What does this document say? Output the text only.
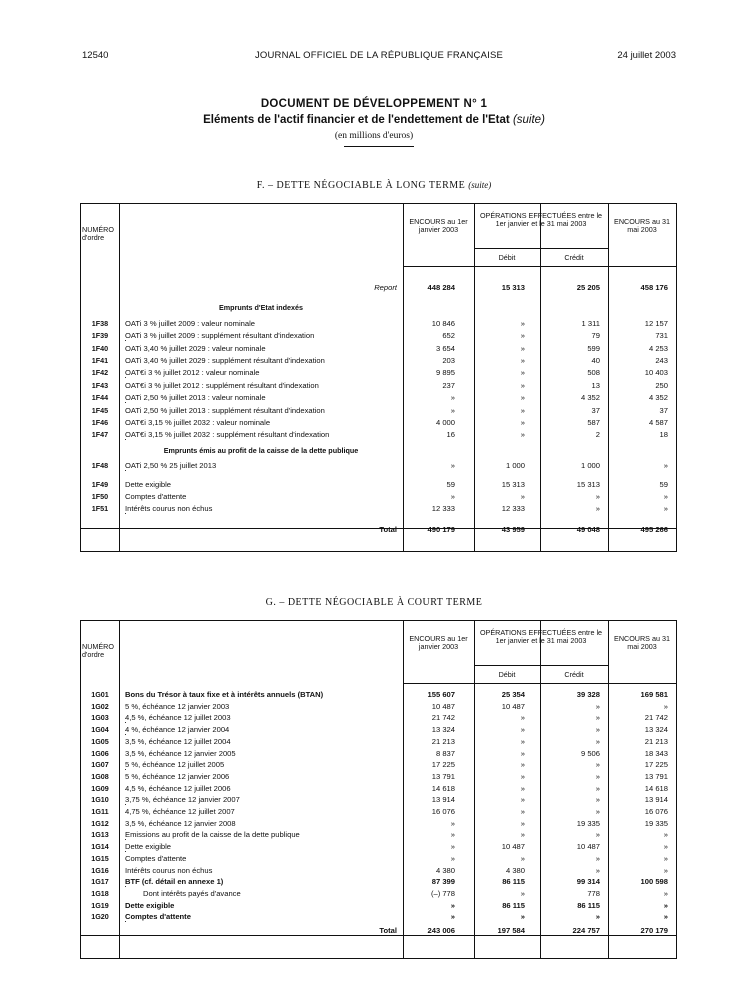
12540	JOURNAL OFFICIEL DE LA RÉPUBLIQUE FRANÇAISE	24 juillet 2003
DOCUMENT DE DÉVELOPPEMENT N° 1
Eléments de l'actif financier et de l'endettement de l'Etat (suite)
(en millions d'euros)
F. – DETTE NÉGOCIABLE À LONG TERME (suite)
NUMÉRO d'ordre
ENCOURS au 1er janvier 2003
OPÉRATIONS EFFECTUÉES entre le 1er janvier et le 31 mai 2003
Débit	Crédit
ENCOURS au 31 mai 2003
Report	448 284	15 313	25 205	458 176
Emprunts d'Etat indexés
1F38	OATi 3 % juillet 2009 : valeur nominale	10 846	»	1 311	12 157
1F39	OATi 3 % juillet 2009 : supplément résultant d'indexation	652	»	79	731
1F40	OATi 3,40 % juillet 2029 : valeur nominale	3 654	»	599	4 253
1F41	OATi 3,40 % juillet 2029 : supplément résultant d'indexation	203	»	40	243
1F42	OAT€i 3 % juillet 2012 : valeur nominale	9 895	»	508	10 403
1F43	OAT€i 3 % juillet 2012 : supplément résultant d'indexation	237	»	13	250
1F44	OATi 2,50 % juillet 2013 : valeur nominale	»	»	4 352	4 352
1F45	OATi 2,50 % juillet 2013 : supplément résultant d'indexation	»	»	37	37
1F46	OAT€i 3,15 % juillet 2032 : valeur nominale	4 000	»	587	4 587
1F47	OAT€i 3,15 % juillet 2032 : supplément résultant d'indexation	16	»	2	18
Emprunts émis au profit de la caisse de la dette publique
1F48	OATi 2,50 % 25 juillet 2013	»	1 000	1 000	»
1F49	Dette exigible	59	15 313	15 313	59
1F50	Comptes d'attente	»	»	»	»
1F51	Intérêts courus non échus	12 333	12 333	»	»
Total	490 179	43 959	49 048	495 266
G. – DETTE NÉGOCIABLE À COURT TERME
NUMÉRO d'ordre
ENCOURS au 1er janvier 2003
OPÉRATIONS EFFECTUÉES entre le 1er janvier et le 31 mai 2003
Débit	Crédit
ENCOURS au 31 mai 2003
1G01	Bons du Trésor à taux fixe et à intérêts annuels (BTAN)	155 607	25 354	39 328	169 581
1G02	5 %, échéance 12 janvier 2003	10 487	10 487	»	»
1G03	4,5 %, échéance 12 juillet 2003	21 742	»	»	21 742
1G04	4 %, échéance 12 janvier 2004	13 324	»	»	13 324
1G05	3,5 %, échéance 12 juillet 2004	21 213	»	»	21 213
1G06	3,5 %, échéance 12 janvier 2005	8 837	»	9 506	18 343
1G07	5 %, échéance 12 juillet 2005	17 225	»	»	17 225
1G08	5 %, échéance 12 janvier 2006	13 791	»	»	13 791
1G09	4,5 %, échéance 12 juillet 2006	14 618	»	»	14 618
1G10	3,75 %, échéance 12 janvier 2007	13 914	»	»	13 914
1G11	4,75 %, échéance 12 juillet 2007	16 076	»	»	16 076
1G12	3,5 %, échéance 12 janvier 2008	»	»	19 335	19 335
1G13	Emissions au profit de la caisse de la dette publique	»	»	»	»
1G14	Dette exigible	»	10 487	10 487	»
1G15	Comptes d'attente	»	»	»	»
1G16	Intérêts courus non échus	4 380	4 380	»	»
1G17	BTF (cf. détail en annexe 1)	87 399	86 115	99 314	100 598
1G18	Dont intérêts payés d'avance	(–) 778	»	778	»
1G19	Dette exigible	»	86 115	86 115	»
1G20	Comptes d'attente	»	»	»	»
Total	243 006	197 584	224 757	270 179
